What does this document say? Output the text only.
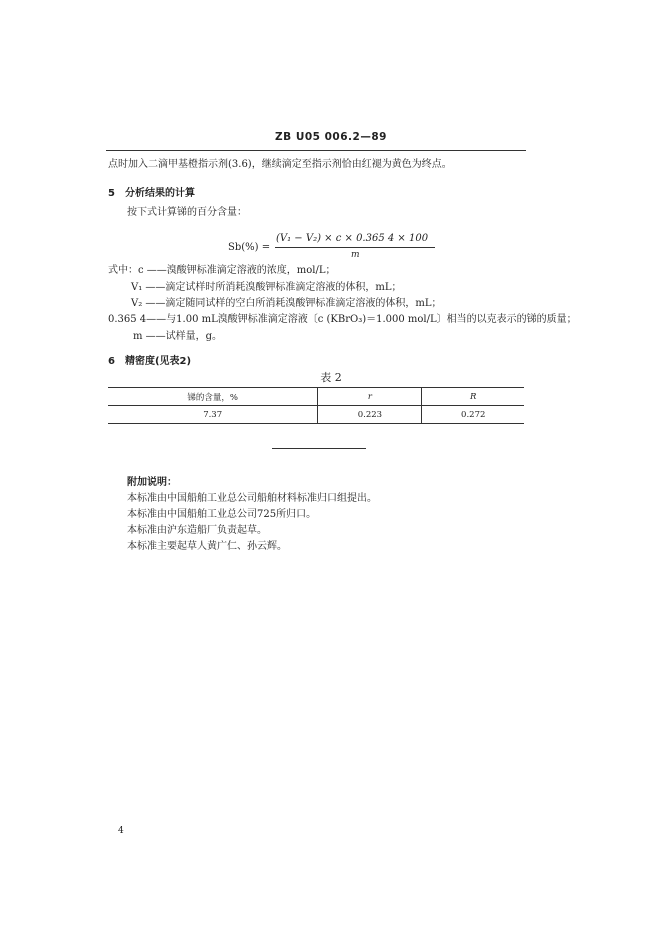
ZB U05 006.2—89
点时加入二滴甲基橙指示剂(3.6)，继续滴定至指示剂恰由红褪为黄色为终点。
5　分析结果的计算
按下式计算锑的百分含量：
Sb(%) =
(V₁ − V₂) × c × 0.365 4 × 100
m
式中：c ——溴酸钾标准滴定溶液的浓度，mol/L；
V₁ ——滴定试样时所消耗溴酸钾标准滴定溶液的体积，mL；
V₂ ——滴定随同试样的空白所消耗溴酸钾标准滴定溶液的体积，mL；
0.365 4——与1.00 mL溴酸钾标准滴定溶液〔c (KBrO₃)＝1.000 mol/L〕相当的以克表示的锑的质量；
m ——试样量，g。
6　精密度(见表2)
表 2
锑的含量，%	r	R
7.37	0.223	0.272

附加说明：

本标准由中国船舶工业总公司船舶材料标准归口组提出。

本标准由中国船舶工业总公司725所归口。

本标准由沪东造船厂负责起草。

本标准主要起草人黄广仁、孙云辉。

4
